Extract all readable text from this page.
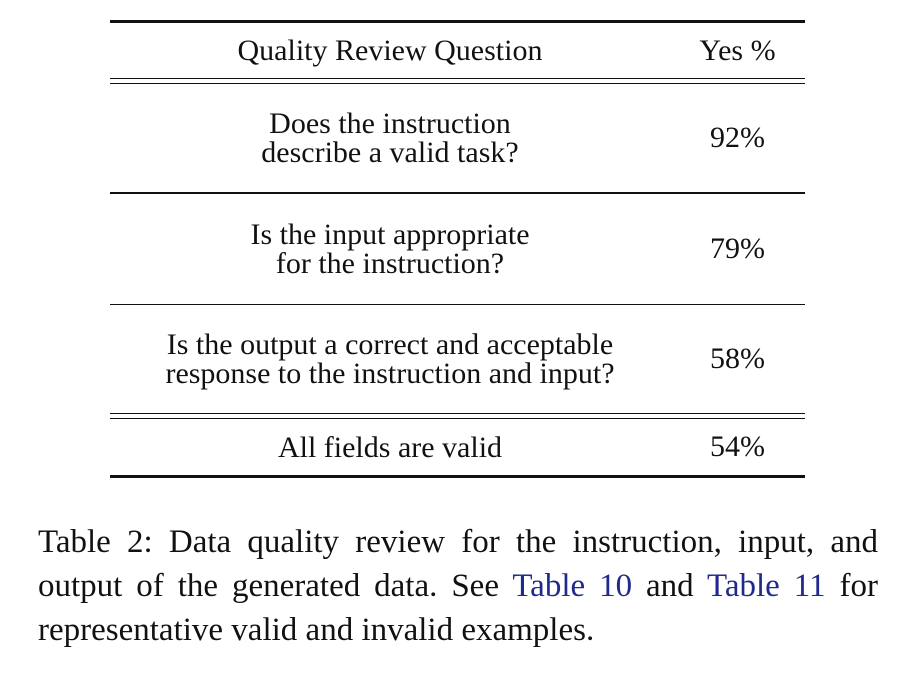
Quality Review Question	Yes %
Does the instruction
describe a valid task?	92%
Is the input appropriate
for the instruction?	79%
Is the output a correct and acceptable
response to the instruction and input?	58%
All fields are valid	54%
Table 2: Data quality review for the instruction, input, and output of the generated data. See Table 10 and Table 11 for representative valid and invalid examples.
